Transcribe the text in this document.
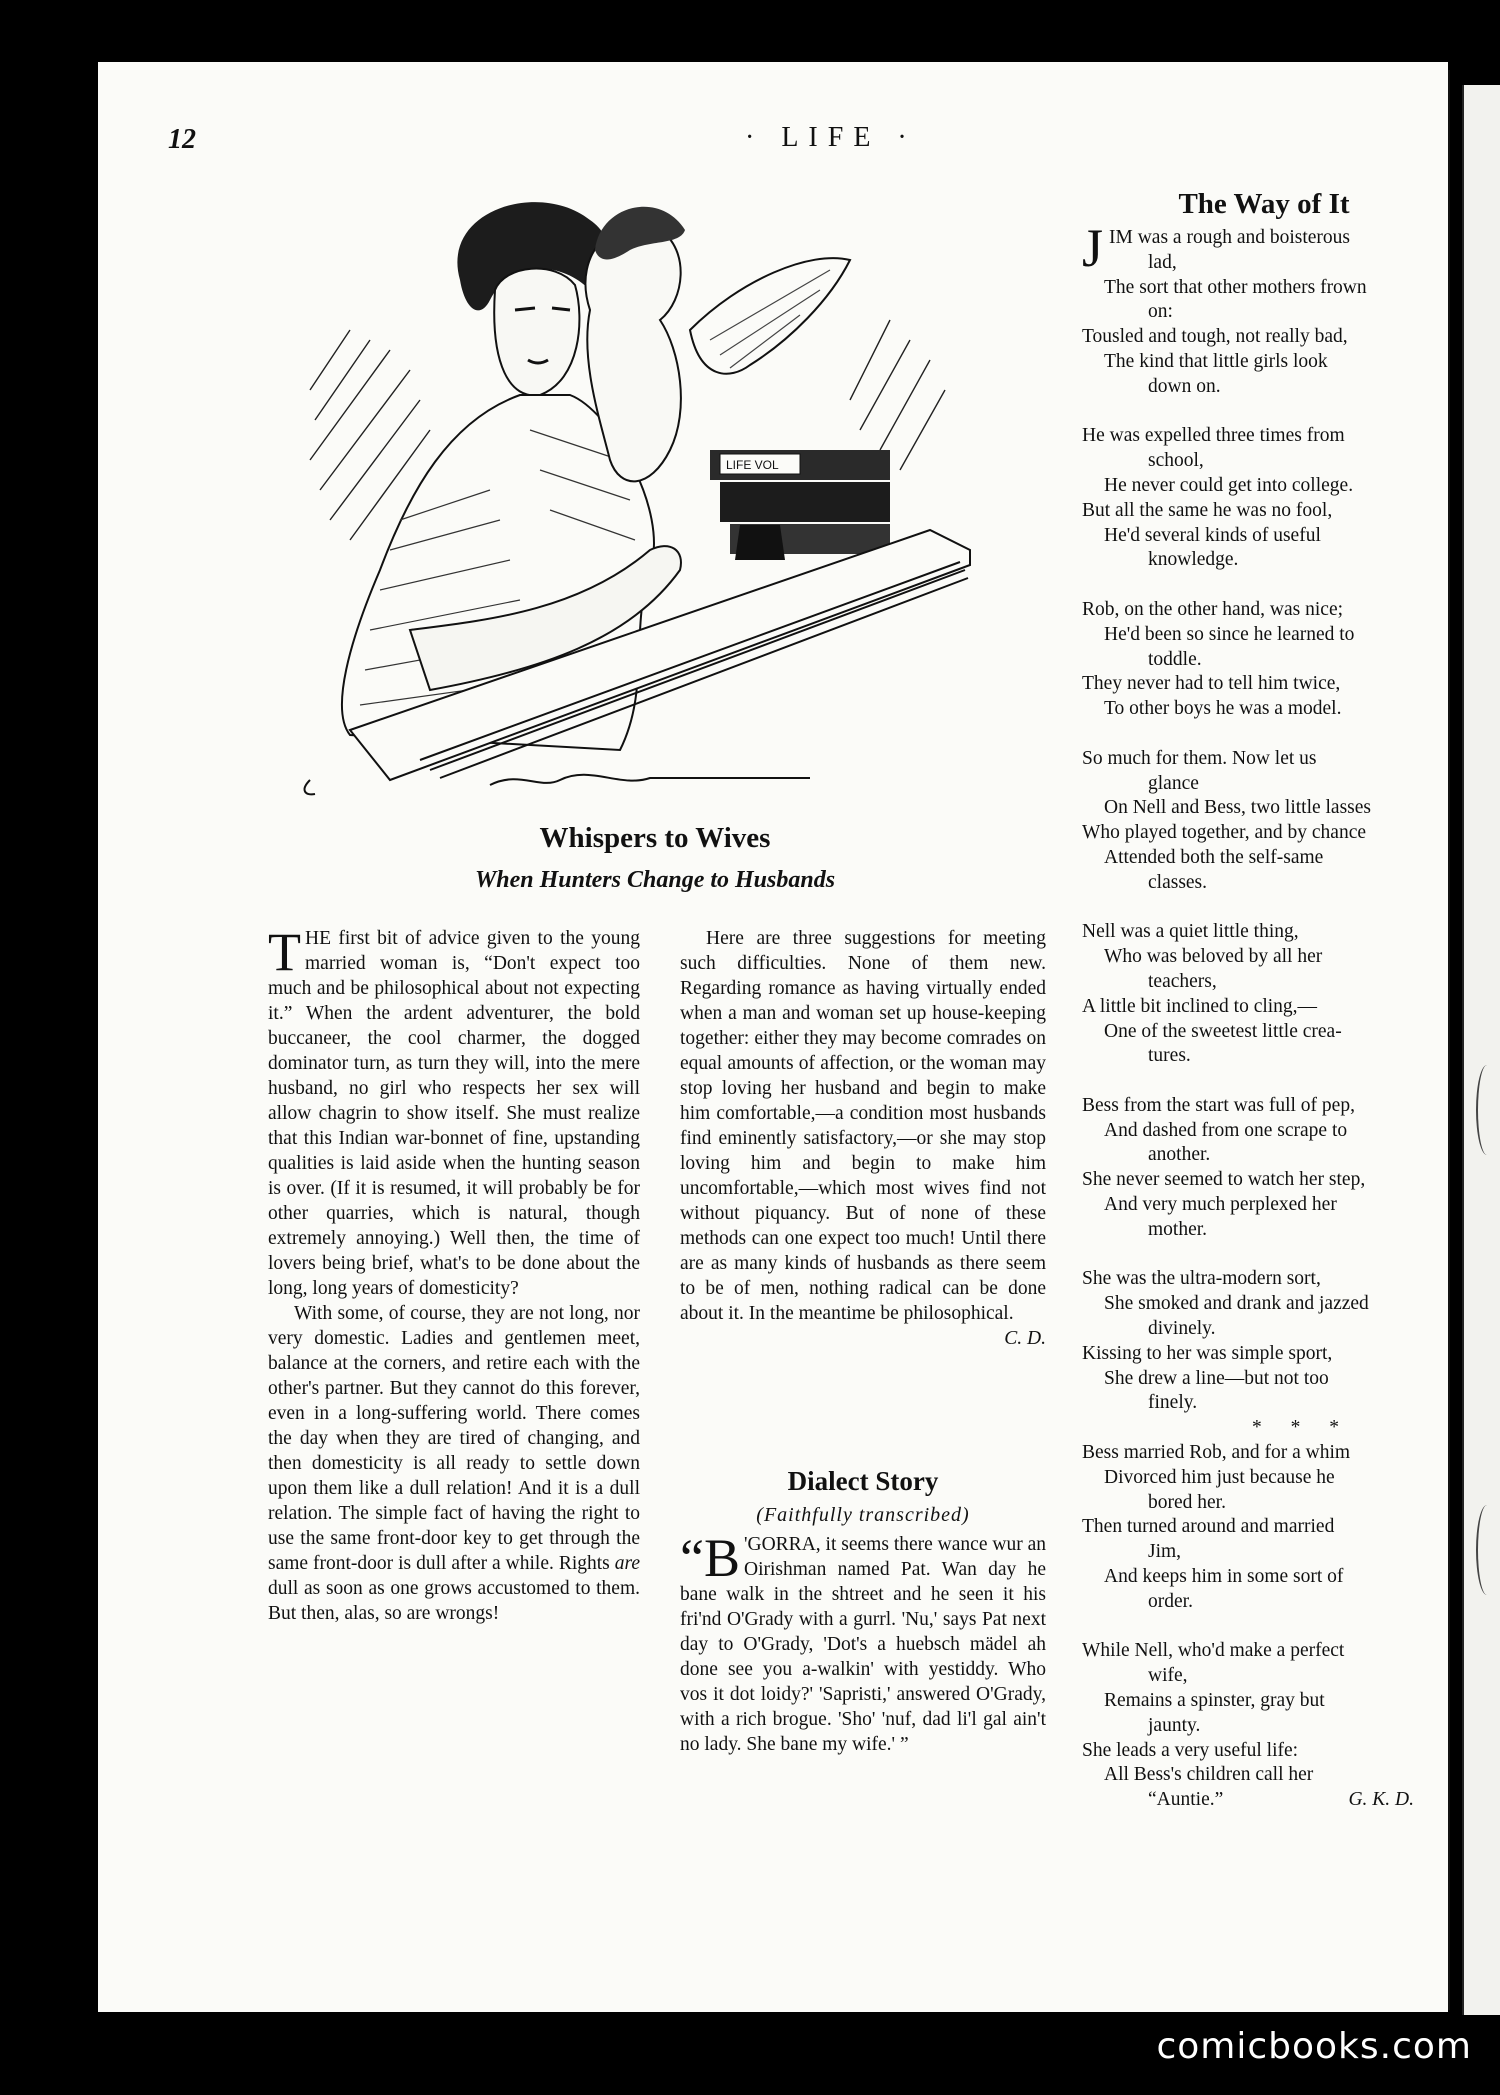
12	· LIFE ·
LIFE VOL
Whispers to Wives
When Hunters Change to Husbands

THE first bit of advice given to the young married woman is, “Don't expect too much and be philosophical about not expecting it.” When the ardent adventurer, the bold buccaneer, the cool charmer, the dogged dominator turn, as turn they will, into the mere husband, no girl who respects her sex will allow chagrin to show itself. She must realize that this Indian war-bonnet of fine, upstanding qualities is laid aside when the hunting season is over. (If it is resumed, it will probably be for other quarries, which is natural, though extremely annoying.) Well then, the time of lovers being brief, what's to be done about the long, long years of domesticity?

With some, of course, they are not long, nor very domestic. Ladies and gentlemen meet, balance at the corners, and retire each with the other's partner. But they cannot do this forever, even in a long-suffering world. There comes the day when they are tired of changing, and then domesticity is all ready to settle down upon them like a dull relation! And it is a dull relation. The simple fact of having the right to use the same front-door key to get through the same front-door is dull after a while. Rights are dull as soon as one grows accustomed to them. But then, alas, so are wrongs!

Here are three suggestions for meeting such difficulties. None of them new. Regarding romance as having virtually ended when a man and woman set up house-keeping together: either they may become comrades on equal amounts of affection, or the woman may stop loving her husband and begin to make him comfortable,—a condition most husbands find eminently satisfactory,—or she may stop loving him and begin to make him uncomfortable,—which most wives find not without piquancy. But of none of these methods can one expect too much! Until there are as many kinds of husbands as there seem to be of men, nothing radical can be done about it. In the meantime be philosophical.

C. D.

Dialect Story
(Faithfully transcribed)

“B 'GORRA, it seems there wance wur an Oirishman named Pat. Wan day he bane walk in the shtreet and he seen it his fri'nd O'Grady with a gurrl. 'Nu,' says Pat next day to O'Grady, 'Dot's a huebsch mädel ah done see you a-walkin' with yestiddy. Who vos it dot loidy?' 'Sapristi,' answered O'Grady, with a rich brogue. 'Sho' 'nuf, dad li'l gal ain't no lady. She bane my wife.' ”

The Way of It
J IM was a rough and boisterous
lad,
The sort that other mothers frown
on:
Tousled and tough, not really bad,
The kind that little girls look
down on.
He was expelled three times from
school,
He never could get into college.
But all the same he was no fool,
He'd several kinds of useful
knowledge.
Rob, on the other hand, was nice;
He'd been so since he learned to
toddle.
They never had to tell him twice,
To other boys he was a model.
So much for them. Now let us
glance
On Nell and Bess, two little lasses
Who played together, and by chance
Attended both the self-same
classes.
Nell was a quiet little thing,
Who was beloved by all her
teachers,
A little bit inclined to cling,—
One of the sweetest little crea-
tures.
Bess from the start was full of pep,
And dashed from one scrape to
another.
She never seemed to watch her step,
And very much perplexed her
mother.
She was the ultra-modern sort,
She smoked and drank and jazzed
divinely.
Kissing to her was simple sport,
She drew a line—but not too
finely.
* * *
Bess married Rob, and for a whim
Divorced him just because he
bored her.
Then turned around and married
Jim,
And keeps him in some sort of
order.
While Nell, who'd make a perfect
wife,
Remains a spinster, gray but
jaunty.
She leads a very useful life:
All Bess's children call her
“Auntie.”	G. K. D.
comicbooks.com
